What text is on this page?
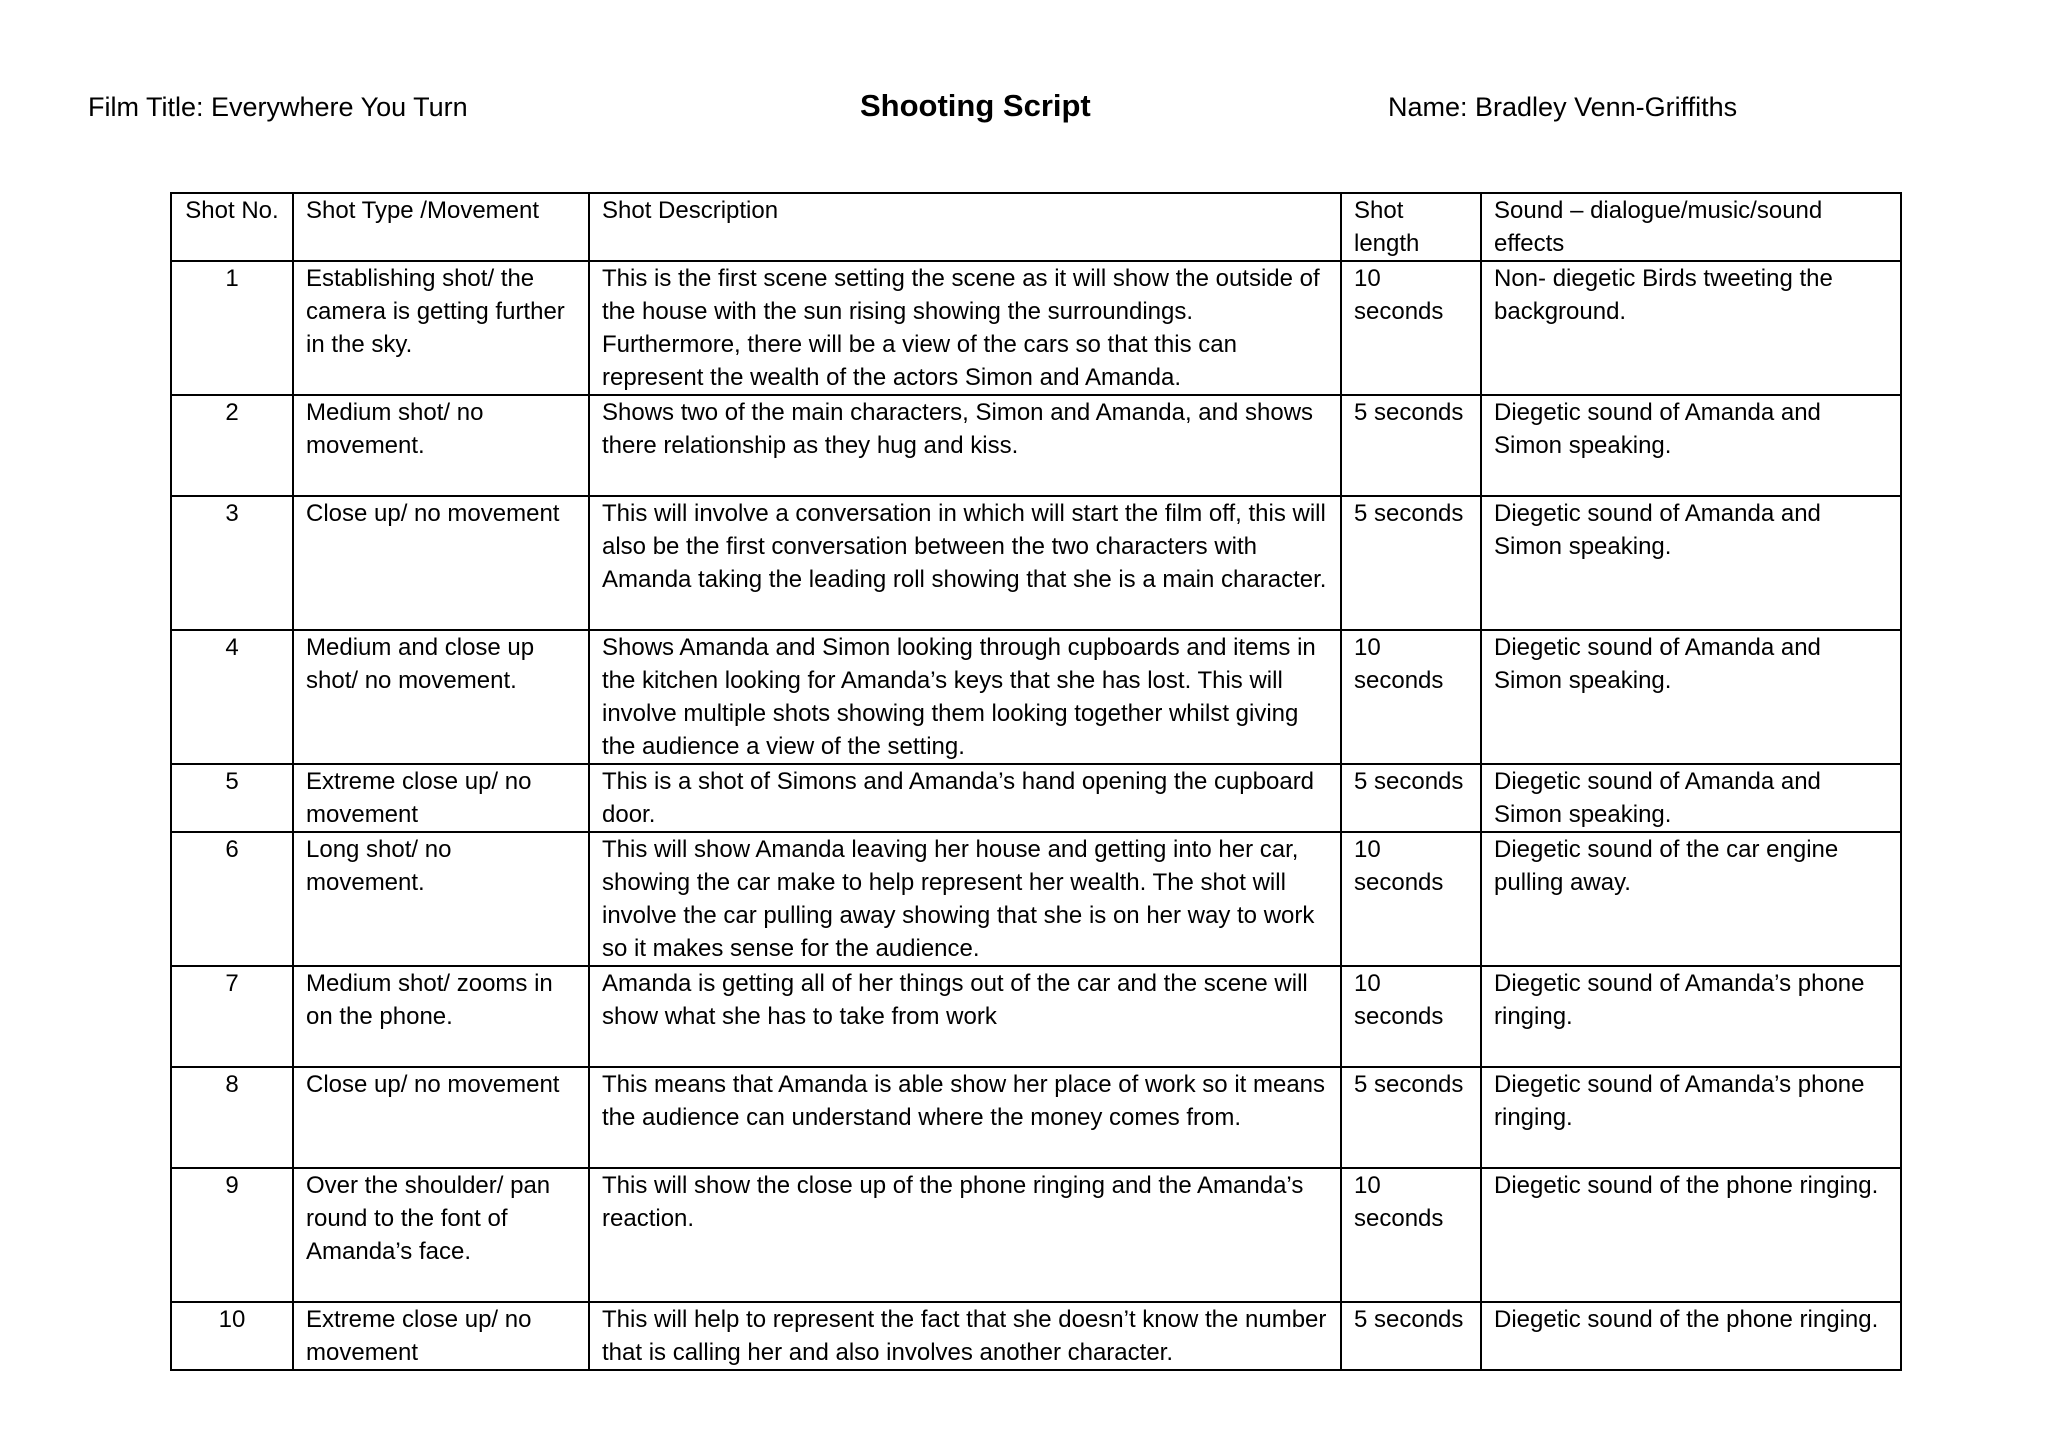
Film Title: Everywhere You Turn	Shooting Script	Name: Bradley Venn-Griffiths
Shot No.	Shot Type /Movement	Shot Description	Shot length	Sound – dialogue/music/sound effects
1	Establishing shot/ the camera is getting further in the sky.	This is the first scene setting the scene as it will show the outside of the house with the sun rising showing the surroundings. Furthermore, there will be a view of the cars so that this can represent the wealth of the actors Simon and Amanda.	10 seconds	Non- diegetic Birds tweeting the background.
2	Medium shot/ no movement.	Shows two of the main characters, Simon and Amanda, and shows there relationship as they hug and kiss.	5 seconds	Diegetic sound of Amanda and Simon speaking.
3	Close up/ no movement	This will involve a conversation in which will start the film off, this will also be the first conversation between the two characters with Amanda taking the leading roll showing that she is a main character.	5 seconds	Diegetic sound of Amanda and Simon speaking.
4	Medium and close up shot/ no movement.	Shows Amanda and Simon looking through cupboards and items in the kitchen looking for Amanda’s keys that she has lost. This will involve multiple shots showing them looking together whilst giving the audience a view of the setting.	10 seconds	Diegetic sound of Amanda and Simon speaking.
5	Extreme close up/ no movement	This is a shot of Simons and Amanda’s hand opening the cupboard door.	5 seconds	Diegetic sound of Amanda and Simon speaking.
6	Long shot/ no movement.	This will show Amanda leaving her house and getting into her car, showing the car make to help represent her wealth. The shot will involve the car pulling away showing that she is on her way to work so it makes sense for the audience.	10 seconds	Diegetic sound of the car engine pulling away.
7	Medium shot/ zooms in on the phone.	Amanda is getting all of her things out of the car and the scene will show what she has to take from work	10 seconds	Diegetic sound of Amanda’s phone ringing.
8	Close up/ no movement	This means that Amanda is able show her place of work so it means the audience can understand where the money comes from.	5 seconds	Diegetic sound of Amanda’s phone ringing.
9	Over the shoulder/ pan round to the font of Amanda’s face.	This will show the close up of the phone ringing and the Amanda’s reaction.	10 seconds	Diegetic sound of the phone ringing.
10	Extreme close up/ no movement	This will help to represent the fact that she doesn’t know the number that is calling her and also involves another character.	5 seconds	Diegetic sound of the phone ringing.
